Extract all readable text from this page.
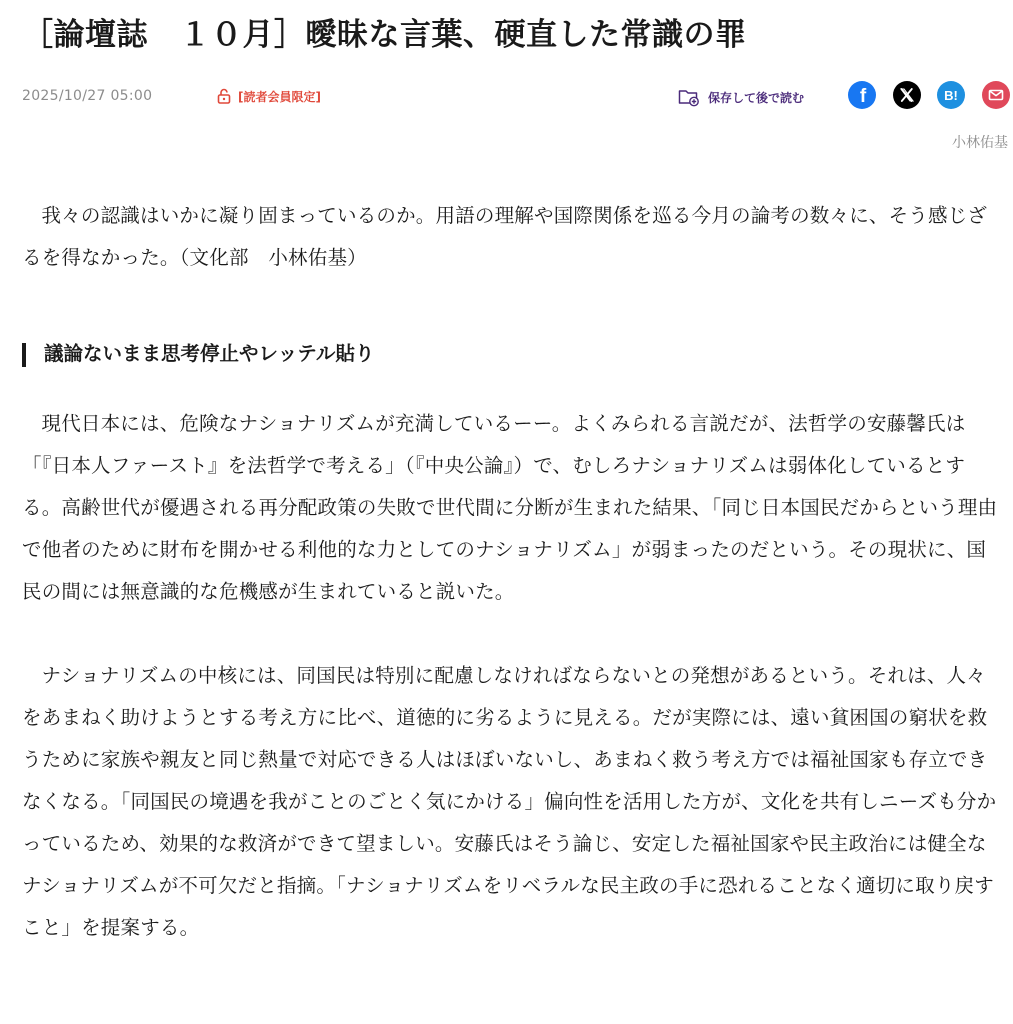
［論壇誌　１０月］曖昧な言葉、硬直した常識の罪
2025/10/27 05:00	[読者会員限定]	保存して後で読む	f	B!
小林佑基

我々の認識はいかに凝り固まっているのか。用語の理解や国際関係を巡る今月の論考の数々に、そう感じざるを得なかった。（文化部　小林佑基）

議論ないまま思考停止やレッテル貼り

現代日本には、危険なナショナリズムが充満しているーー。よくみられる言説だが、法哲学の安藤馨氏は「『日本人ファースト』を法哲学で考える」（『中央公論』）で、むしろナショナリズムは弱体化しているとする。高齢世代が優遇される再分配政策の失敗で世代間に分断が生まれた結果、「同じ日本国民だからという理由で他者のために財布を開かせる利他的な力としてのナショナリズム」が弱まったのだという。その現状に、国民の間には無意識的な危機感が生まれていると説いた。

ナショナリズムの中核には、同国民は特別に配慮しなければならないとの発想があるという。それは、人々をあまねく助けようとする考え方に比べ、道徳的に劣るように見える。だが実際には、遠い貧困国の窮状を救うために家族や親友と同じ熱量で対応できる人はほぼいないし、あまねく救う考え方では福祉国家も存立できなくなる。「同国民の境遇を我がことのごとく気にかける」偏向性を活用した方が、文化を共有しニーズも分かっているため、効果的な救済ができて望ましい。安藤氏はそう論じ、安定した福祉国家や民主政治には健全なナショナリズムが不可欠だと指摘。「ナショナリズムをリベラルな民主政の手に恐れることなく適切に取り戻すこと」を提案する。
